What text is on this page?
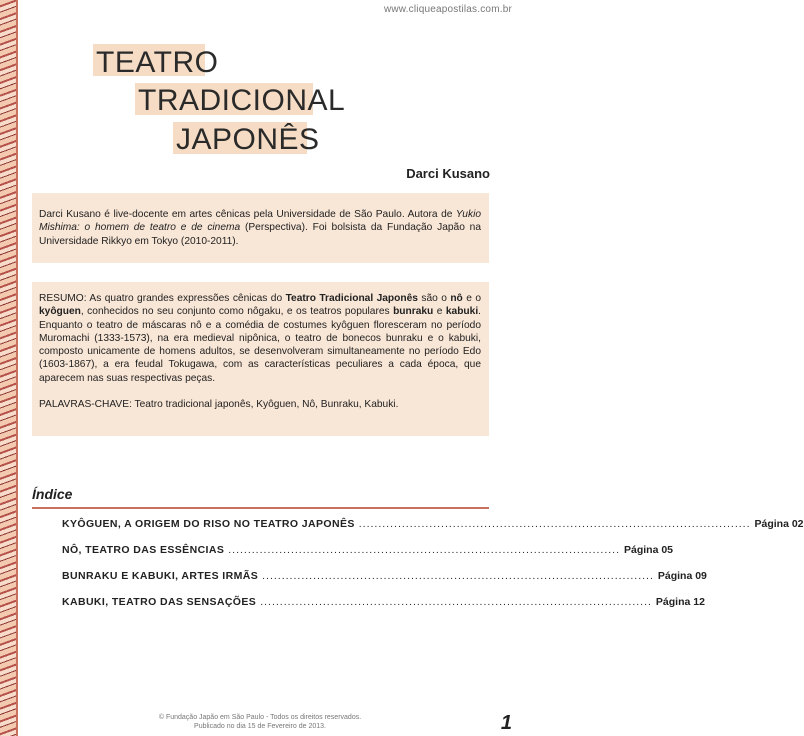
www.cliqueapostilas.com.br
TEATRO
TRADICIONAL
JAPONÊS
Darci Kusano

Darci Kusano é live-docente em artes cênicas pela Universidade de São Paulo. Autora de Yukio Mishima: o homem de teatro e de cinema (Perspectiva). Foi bolsista da Fundação Japão na Universidade Rikkyo em Tokyo (2010-2011).

RESUMO: As quatro grandes expressões cênicas do Teatro Tradicional Japonês são o nô e o kyôguen, conhecidos no seu conjunto como nôgaku, e os teatros populares bunraku e kabuki. Enquanto o teatro de máscaras nô e a comédia de costumes kyôguen floresceram no período Muromachi (1333-1573), na era medieval nipônica, o teatro de bonecos bunraku e o kabuki, composto unicamente de homens adultos, se desenvolveram simultaneamente no período Edo (1603-1867), a era feudal Tokugawa, com as características peculiares a cada época, que aparecem nas suas respectivas peças.

PALAVRAS-CHAVE: Teatro tradicional japonês, Kyôguen, Nô, Bunraku, Kabuki.

Índice
KYÔGUEN, A ORIGEM DO RISO NO TEATRO JAPONÊS .................................................................................................... Página 02
NÔ, TEATRO DAS ESSÊNCIAS .................................................................................................... Página 05
BUNRAKU E KABUKI, ARTES IRMÃS .................................................................................................... Página 09
KABUKI, TEATRO DAS SENSAÇÕES .................................................................................................... Página 12
© Fundação Japão em São Paulo - Todos os direitos reservados.
Publicado no dia 15 de Fevereiro de 2013.	1
